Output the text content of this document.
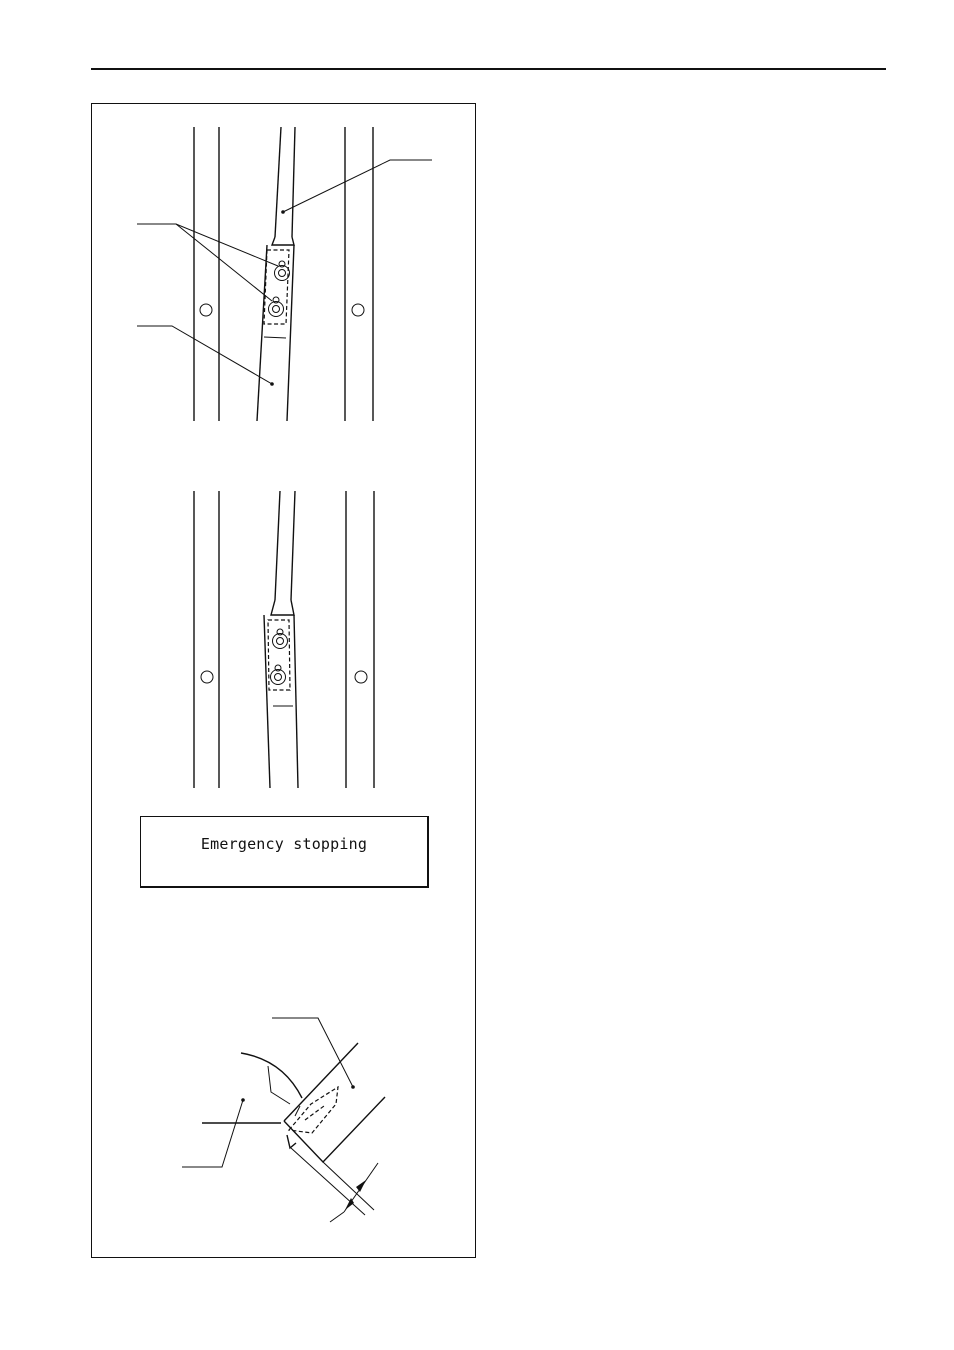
Emergency stopping
